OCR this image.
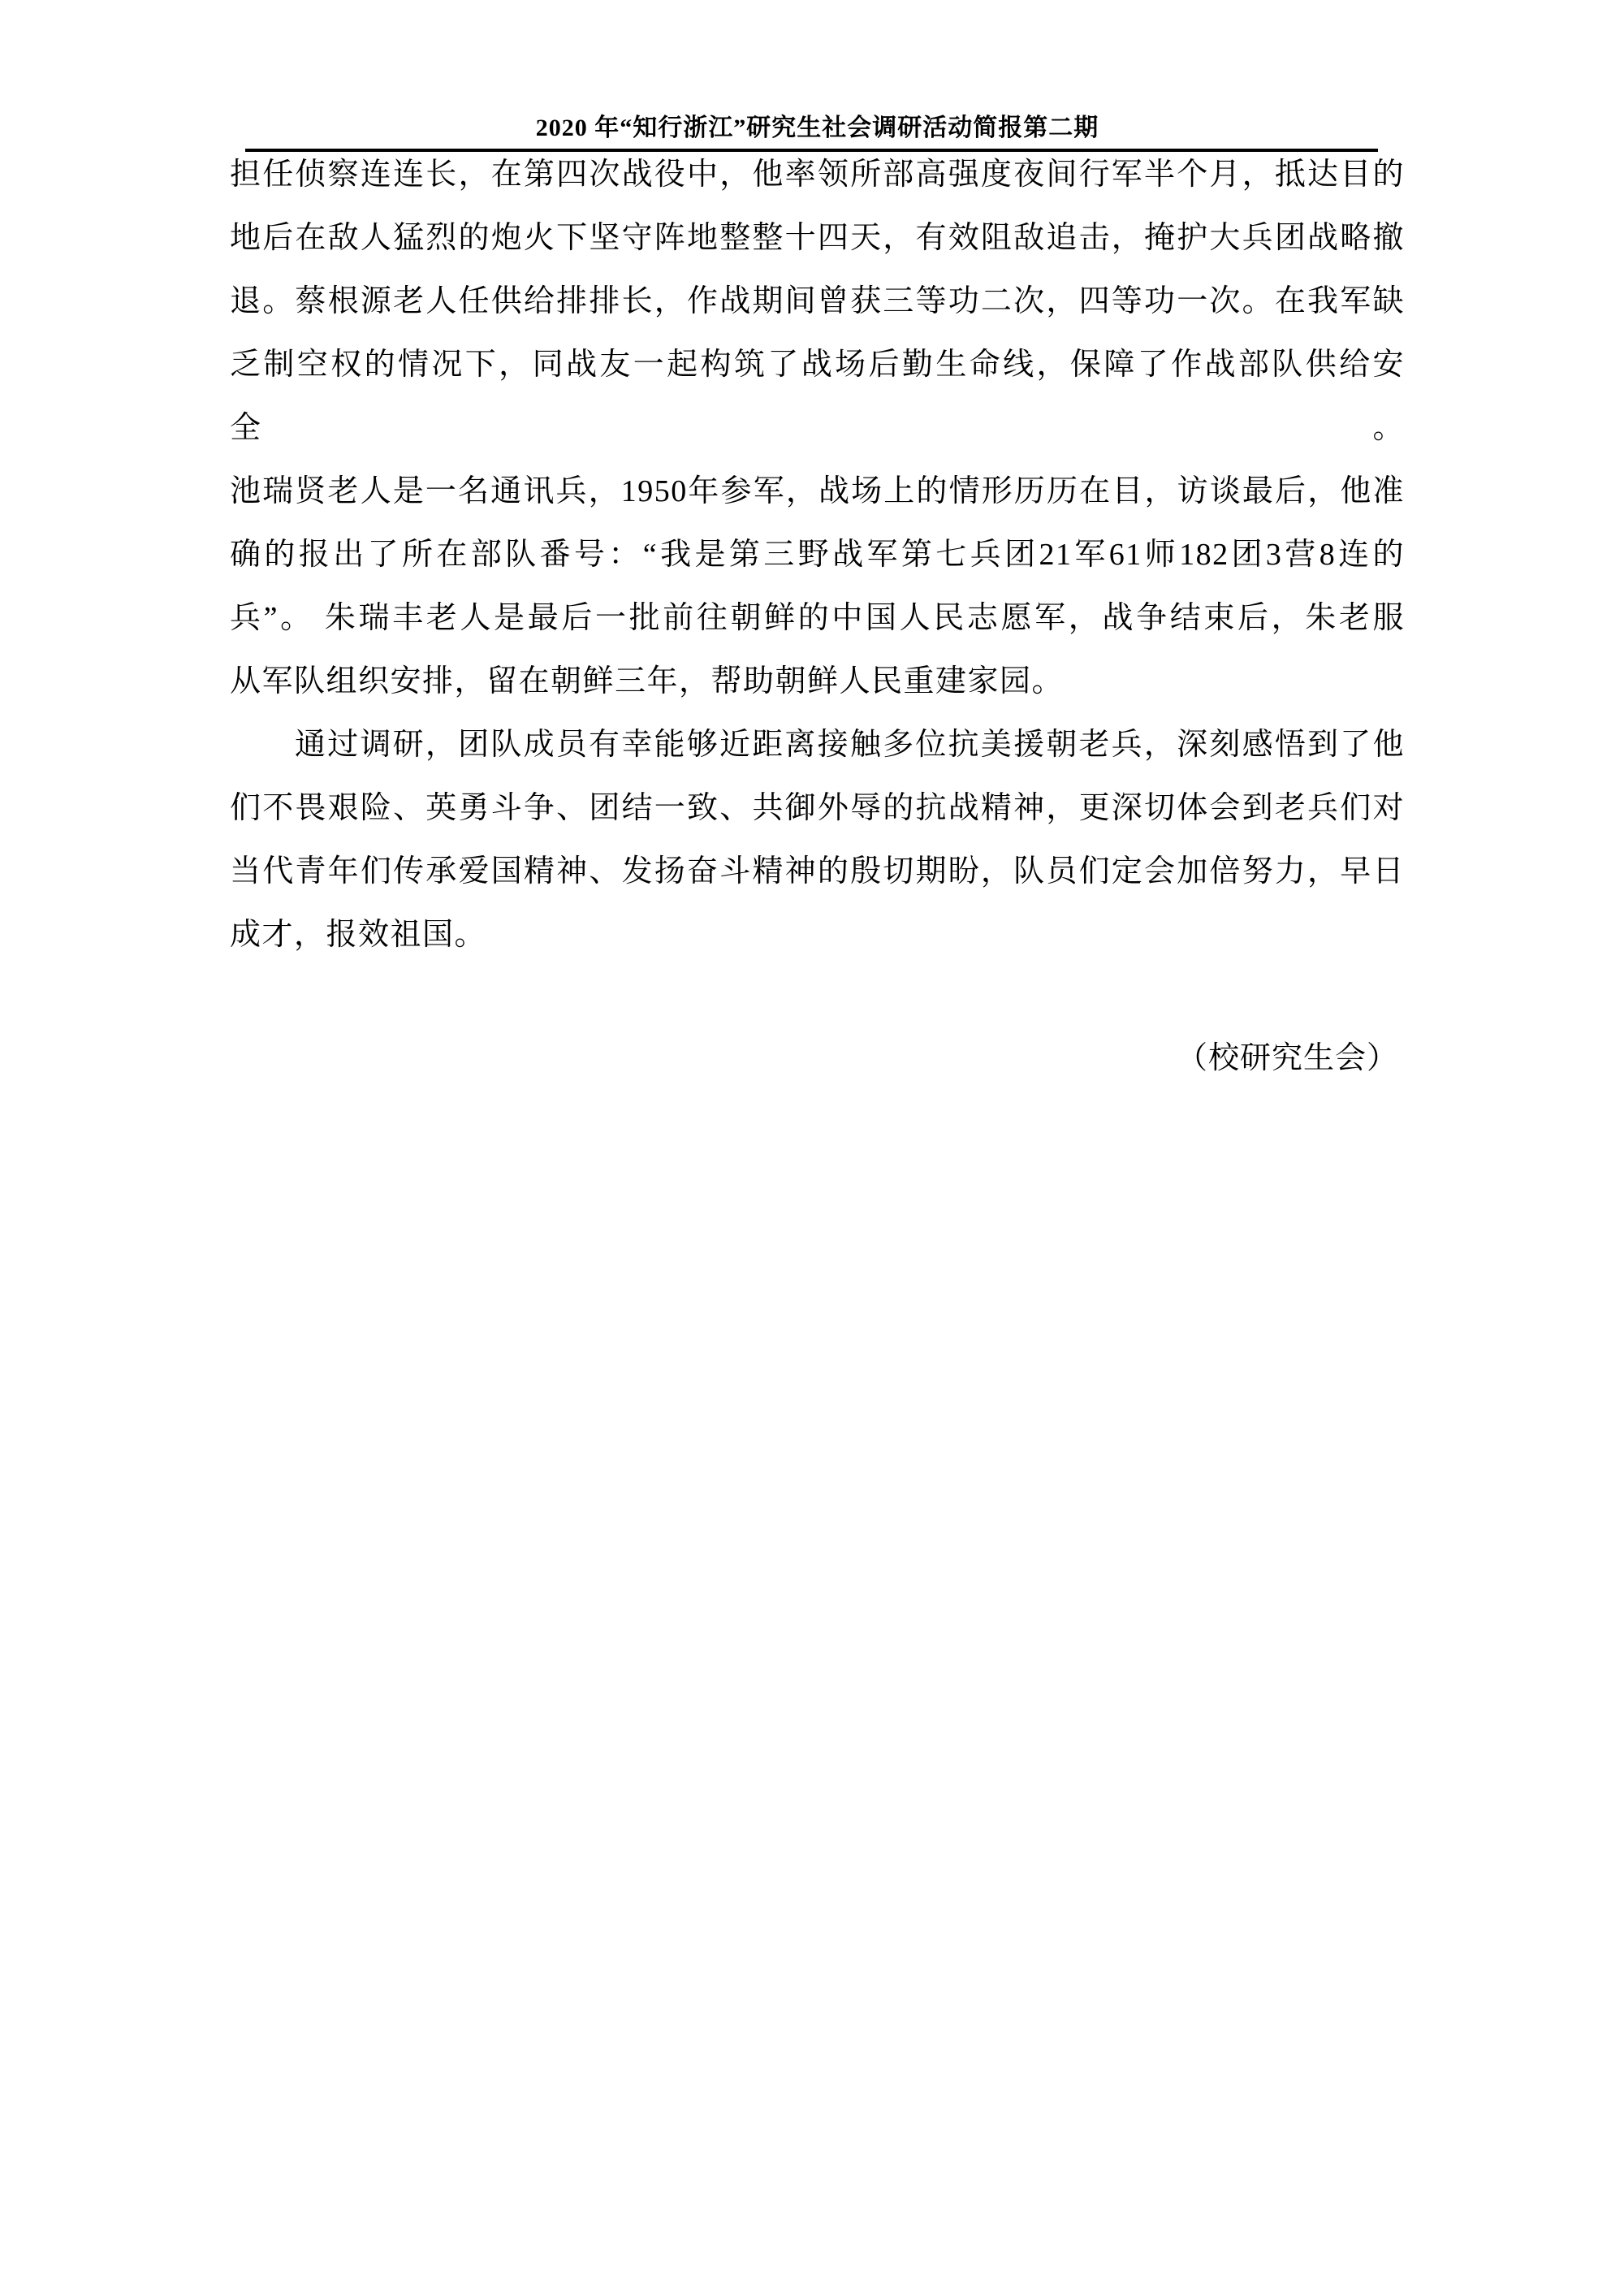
2020 年“知行浙江”研究生社会调研活动简报第二期
担任侦察连连长，在第四次战役中，他率领所部高强度夜间行军半个月，抵达目的
地后在敌人猛烈的炮火下坚守阵地整整十四天，有效阻敌追击，掩护大兵团战略撤
退。蔡根源老人任供给排排长，作战期间曾获三等功二次，四等功一次。在我军缺
乏制空权的情况下，同战友一起构筑了战场后勤生命线，保障了作战部队供给安全。
池瑞贤老人是一名通讯兵，1950年参军，战场上的情形历历在目，访谈最后，他准
确的报出了所在部队番号：“我是第三野战军第七兵团21军61师182团3营8连的
兵”。 朱瑞丰老人是最后一批前往朝鲜的中国人民志愿军，战争结束后，朱老服
从军队组织安排，留在朝鲜三年，帮助朝鲜人民重建家园。
通过调研，团队成员有幸能够近距离接触多位抗美援朝老兵，深刻感悟到了他
们不畏艰险、英勇斗争、团结一致、共御外辱的抗战精神，更深切体会到老兵们对
当代青年们传承爱国精神、发扬奋斗精神的殷切期盼，队员们定会加倍努力，早日
成才，报效祖国。
（校研究生会）
